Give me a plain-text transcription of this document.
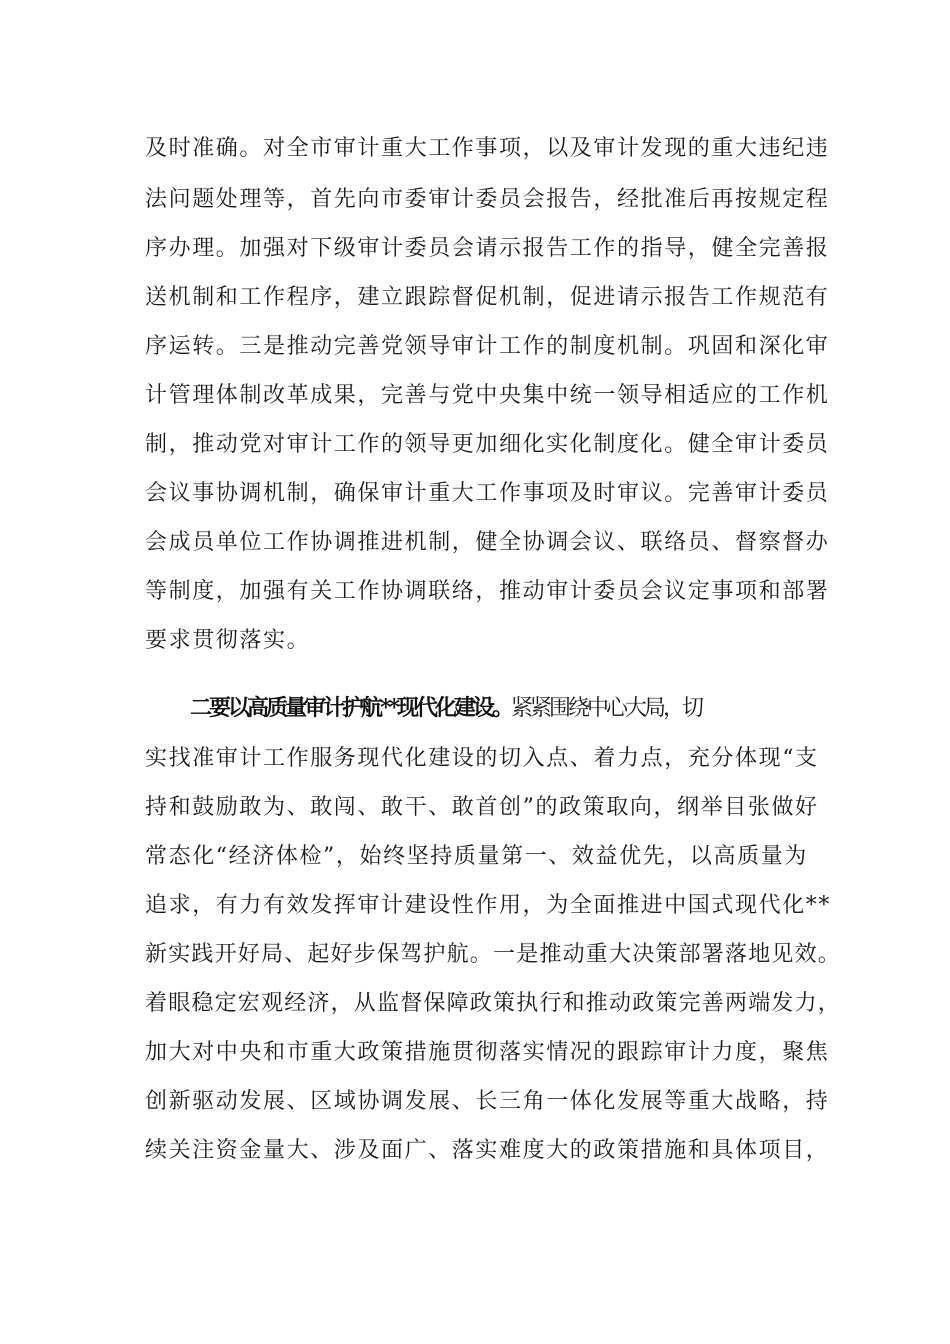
及时准确。对全市审计重大工作事项，以及审计发现的重大违纪违
法问题处理等，首先向市委审计委员会报告，经批准后再按规定程
序办理。加强对下级审计委员会请示报告工作的指导，健全完善报
送机制和工作程序，建立跟踪督促机制，促进请示报告工作规范有
序运转。三是推动完善党领导审计工作的制度机制。巩固和深化审
计管理体制改革成果，完善与党中央集中统一领导相适应的工作机
制，推动党对审计工作的领导更加细化实化制度化。健全审计委员
会议事协调机制，确保审计重大工作事项及时审议。完善审计委员
会成员单位工作协调推进机制，健全协调会议、联络员、督察督办
等制度，加强有关工作协调联络，推动审计委员会议定事项和部署
要求贯彻落实。
二要以高质量审计护航**现代化建设。紧紧围绕中心大局，切
实找准审计工作服务现代化建设的切入点、着力点，充分体现“支
持和鼓励敢为、敢闯、敢干、敢首创”的政策取向，纲举目张做好
常态化“经济体检”，始终坚持质量第一、效益优先，以高质量为
追求，有力有效发挥审计建设性作用，为全面推进中国式现代化**
新实践开好局、起好步保驾护航。一是推动重大决策部署落地见效。
着眼稳定宏观经济，从监督保障政策执行和推动政策完善两端发力，
加大对中央和市重大政策措施贯彻落实情况的跟踪审计力度，聚焦
创新驱动发展、区域协调发展、长三角一体化发展等重大战略，持
续关注资金量大、涉及面广、落实难度大的政策措施和具体项目，
